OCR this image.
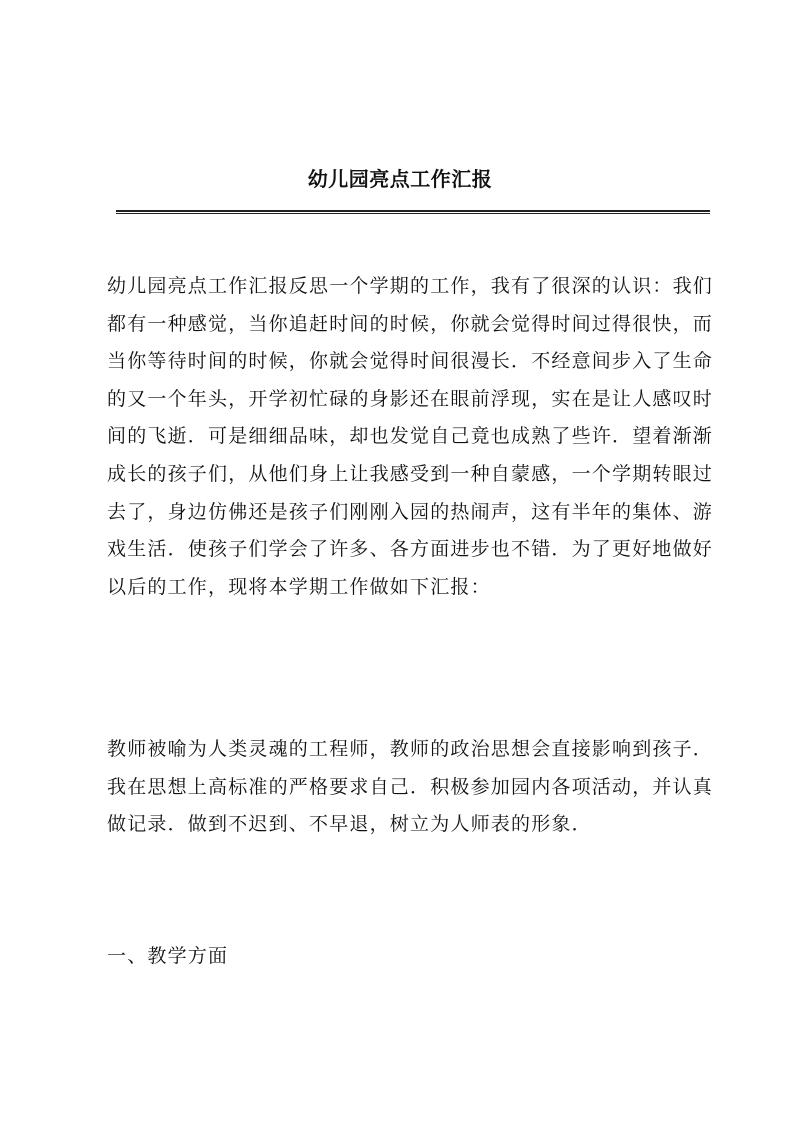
幼儿园亮点工作汇报

幼儿园亮点工作汇报反思一个学期的工作，我有了很深的认识：我们都有一种感觉，当你追赶时间的时候，你就会觉得时间过得很快，而当你等待时间的时候，你就会觉得时间很漫长．不经意间步入了生命的又一个年头，开学初忙碌的身影还在眼前浮现，实在是让人感叹时间的飞逝．可是细细品味，却也发觉自己竟也成熟了些许．望着渐渐成长的孩子们，从他们身上让我感受到一种自蒙感，一个学期转眼过去了，身边仿佛还是孩子们刚刚入园的热闹声，这有半年的集体、游戏生活．使孩子们学会了许多、各方面进步也不错．为了更好地做好以后的工作，现将本学期工作做如下汇报：

教师被喻为人类灵魂的工程师，教师的政治思想会直接影响到孩子．我在思想上高标准的严格要求自己．积极参加园内各项活动，并认真做记录．做到不迟到、不早退，树立为人师表的形象．

一、教学方面
